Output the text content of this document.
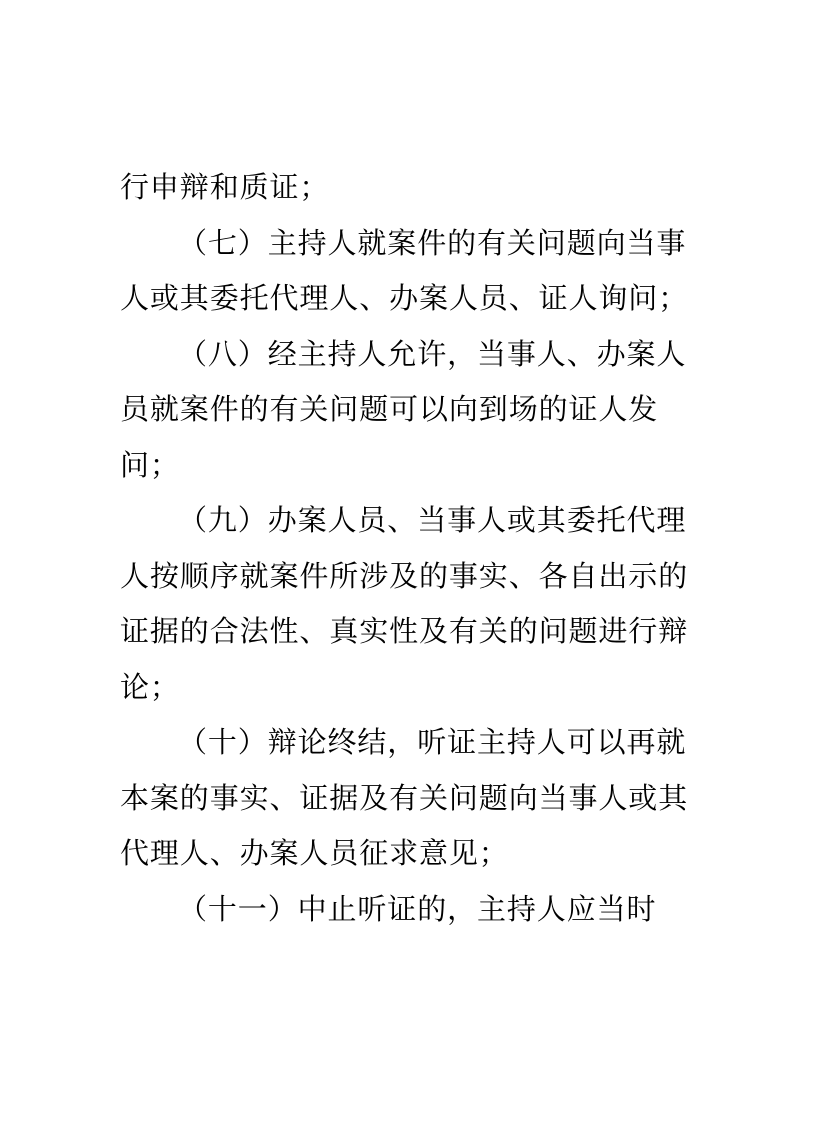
行申辩和质证；

（七）主持人就案件的有关问题向当事人或其委托代理人、办案人员、证人询问；

（八）经主持人允许，当事人、办案人员就案件的有关问题可以向到场的证人发问；

（九）办案人员、当事人或其委托代理人按顺序就案件所涉及的事实、各自出示的证据的合法性、真实性及有关的问题进行辩论；

（十）辩论终结，听证主持人可以再就本案的事实、证据及有关问题向当事人或其代理人、办案人员征求意见；

（十一）中止听证的，主持人应当时
